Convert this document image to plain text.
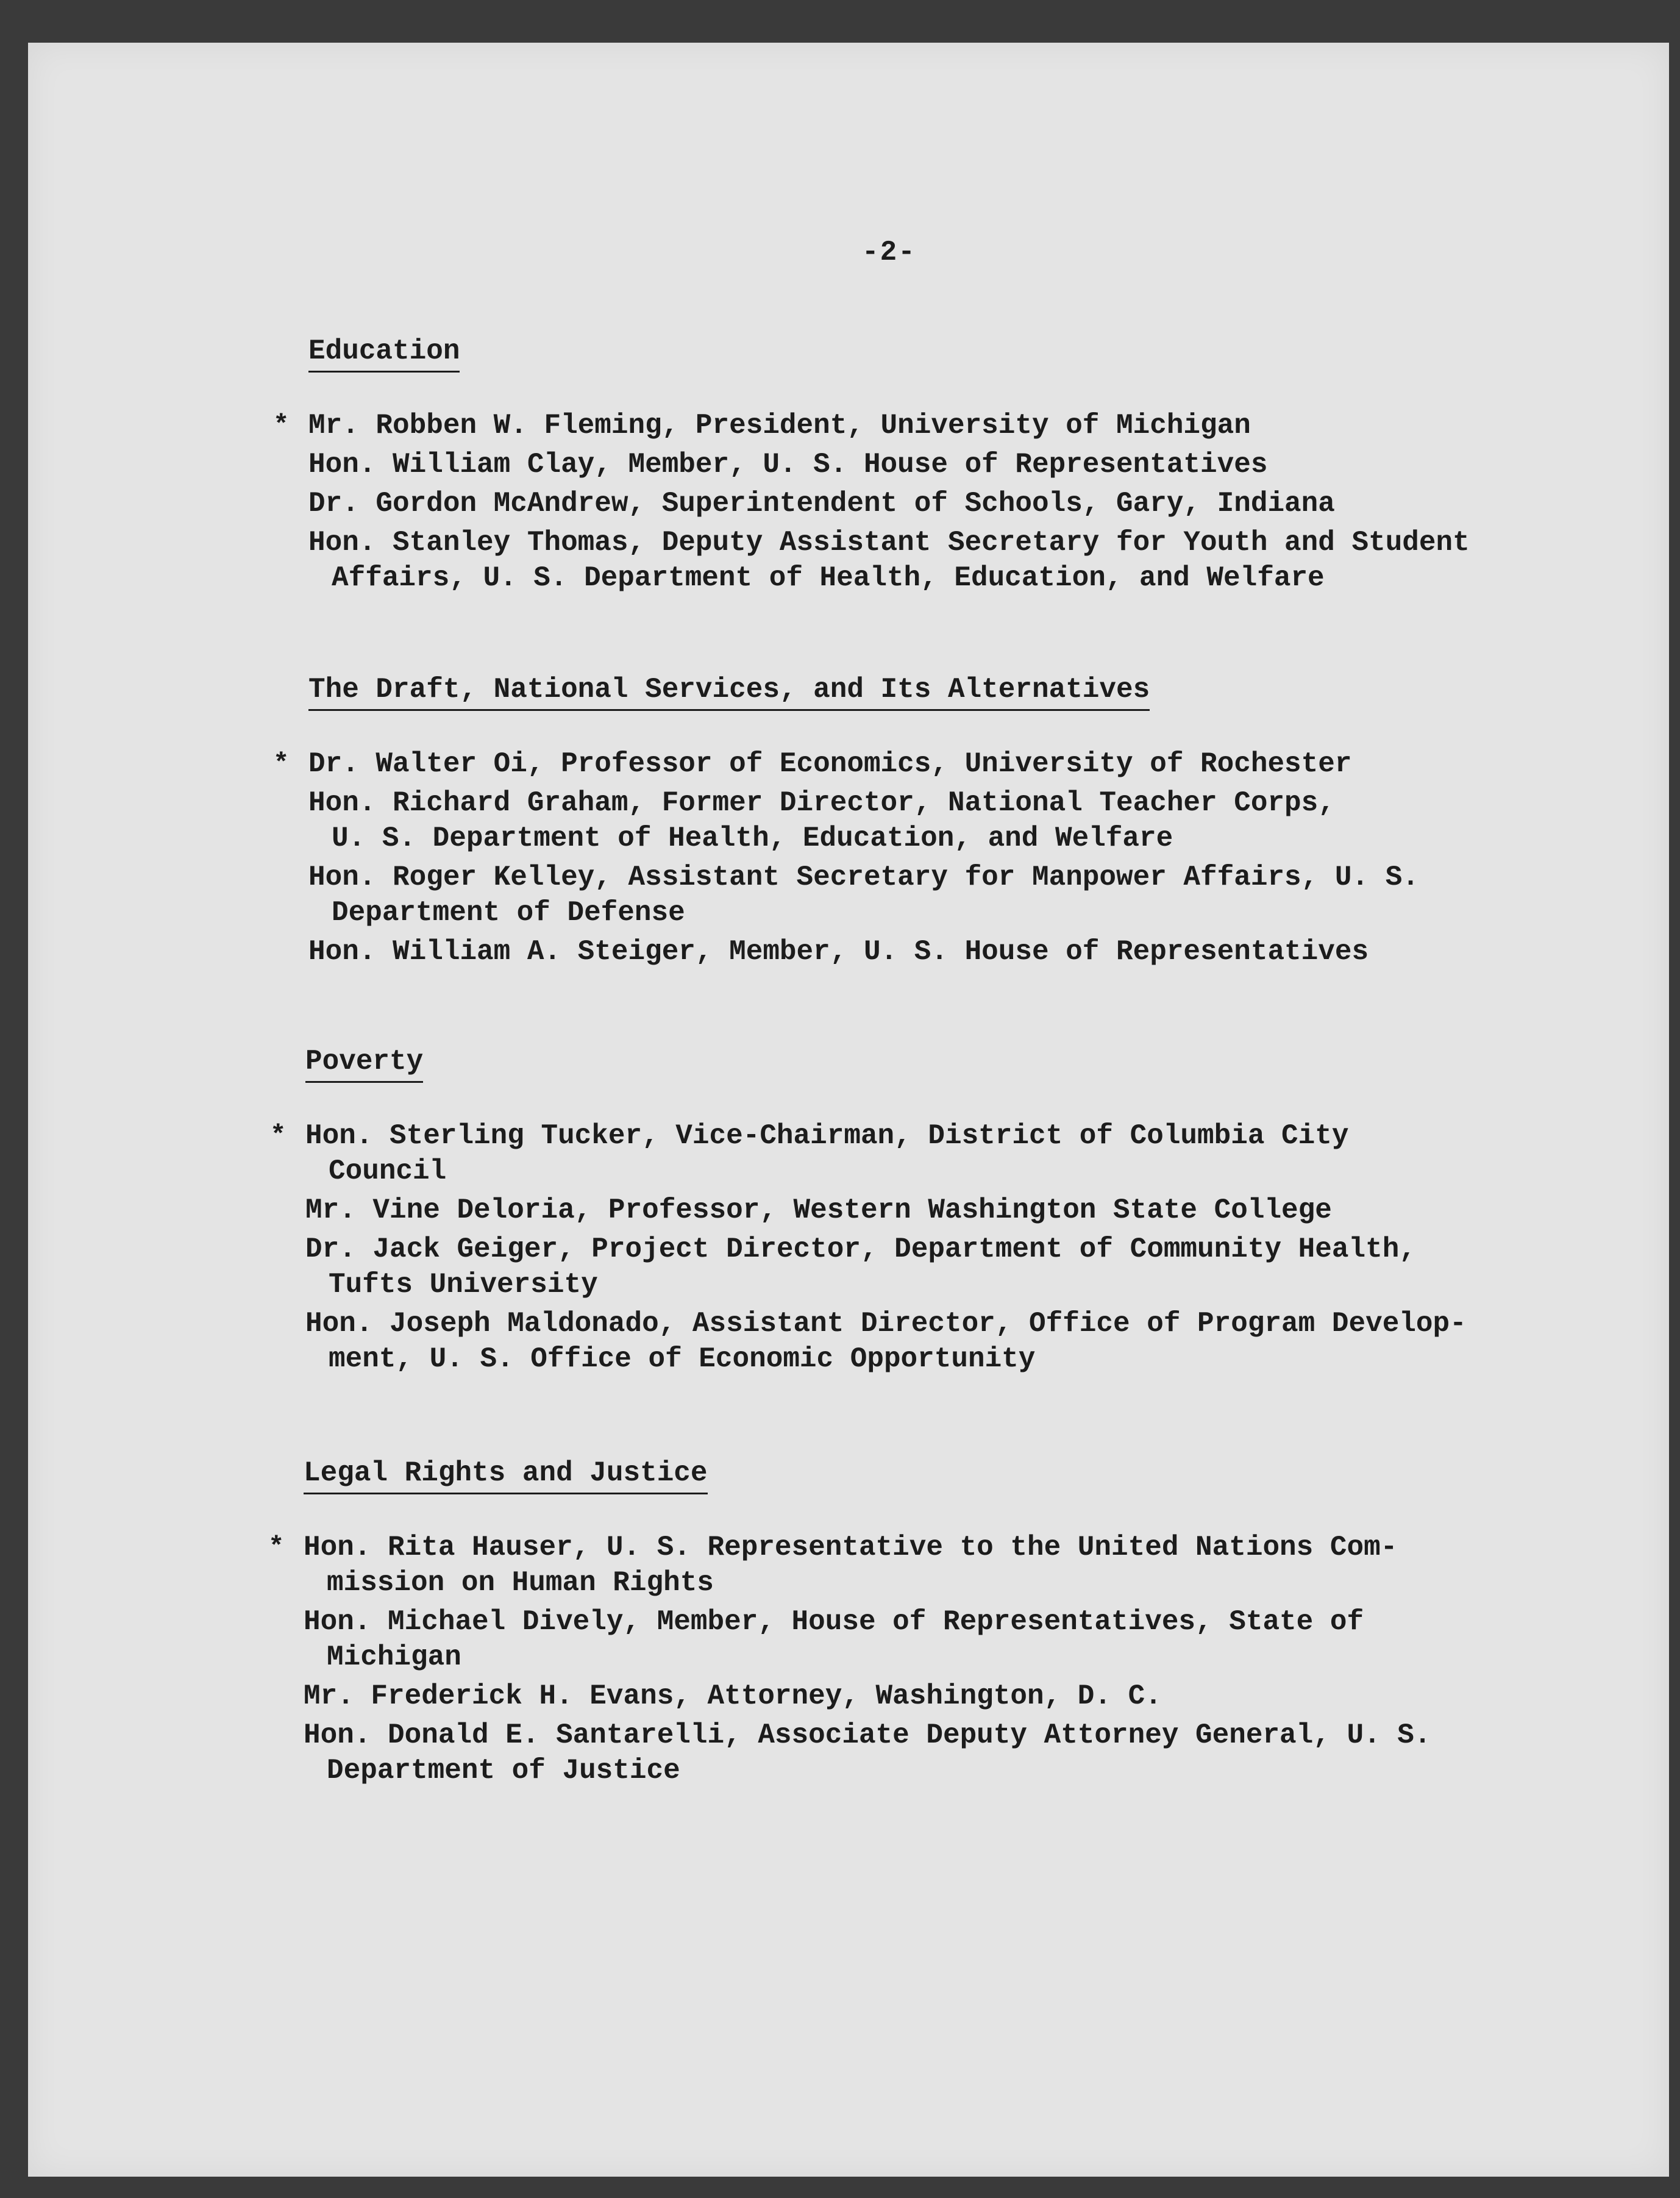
-2-
Education
* Mr. Robben W. Fleming, President, University of Michigan
Hon. William Clay, Member, U. S. House of Representatives
Dr. Gordon McAndrew, Superintendent of Schools, Gary, Indiana
Hon. Stanley Thomas, Deputy Assistant Secretary for Youth and Student
Affairs, U. S. Department of Health, Education, and Welfare
The Draft, National Services, and Its Alternatives
* Dr. Walter Oi, Professor of Economics, University of Rochester
Hon. Richard Graham, Former Director, National Teacher Corps,
U. S. Department of Health, Education, and Welfare
Hon. Roger Kelley, Assistant Secretary for Manpower Affairs, U. S.
Department of Defense
Hon. William A. Steiger, Member, U. S. House of Representatives
Poverty
* Hon. Sterling Tucker, Vice-Chairman, District of Columbia City
Council
Mr. Vine Deloria, Professor, Western Washington State College
Dr. Jack Geiger, Project Director, Department of Community Health,
Tufts University
Hon. Joseph Maldonado, Assistant Director, Office of Program Develop-
ment, U. S. Office of Economic Opportunity
Legal Rights and Justice
* Hon. Rita Hauser, U. S. Representative to the United Nations Com-
mission on Human Rights
Hon. Michael Dively, Member, House of Representatives, State of
Michigan
Mr. Frederick H. Evans, Attorney, Washington, D. C.
Hon. Donald E. Santarelli, Associate Deputy Attorney General, U. S.
Department of Justice
